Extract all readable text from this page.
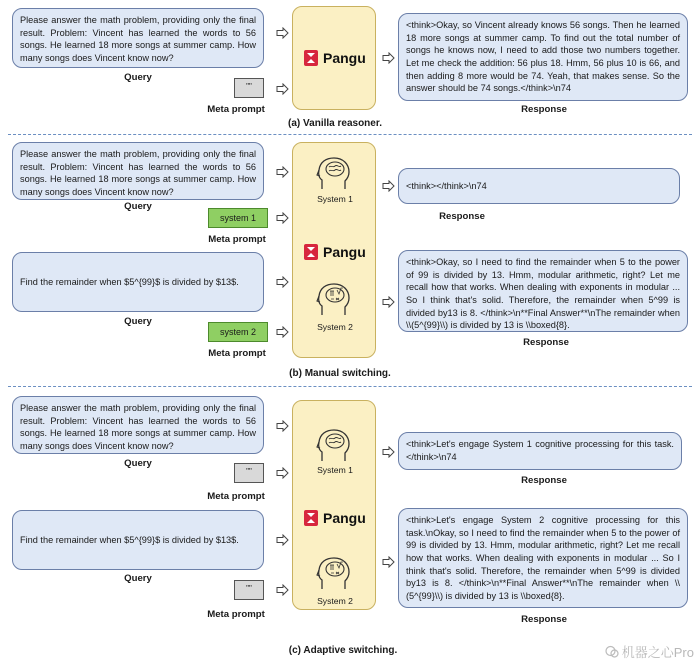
Please answer the math problem, providing only the final result. Problem: Vincent has learned the words to 56 songs. He learned 18 more songs at summer camp. How many songs does Vincent know now?
Query
""
Meta prompt
Pangu
<think>Okay, so Vincent already knows 56 songs. Then he learned 18 more songs at summer camp. To find out the total number of songs he knows now, I need to add those two numbers together. Let me check the addition: 56 plus 18. Hmm, 56 plus 10 is 66, and then adding 8 more would be 74. Yeah, that makes sense. So the answer should be 74 songs.</think>\n74
Response
(a) Vanilla reasoner.
Please answer the math problem, providing only the final result. Problem: Vincent has learned the words to 56 songs. He learned 18 more songs at summer camp. How many songs does Vincent know now?
Query
system 1
Meta prompt
Find the remainder when $5^{99}$ is divided by $13$.
Query
system 2
Meta prompt
System 1
Pangu
System 2
<think></think>\n74
Response
<think>Okay, so I need to find the remainder when 5 to the power of 99 is divided by 13. Hmm, modular arithmetic, right? Let me recall how that works. When dealing with exponents in modular ... So I think that's solid. Therefore, the remainder when 5^99 is divided by13 is 8. </think>\n**Final Answer**\nThe remainder when \\(5^{99}\\) is divided by 13 is \\boxed{8}.
Response
(b) Manual switching.
Please answer the math problem, providing only the final result. Problem: Vincent has learned the words to 56 songs. He learned 18 more songs at summer camp. How many songs does Vincent know now?
Query
""
Meta prompt
Find the remainder when $5^{99}$ is divided by $13$.
Query
""
Meta prompt
System 1
Pangu
System 2
<think>Let's engage System 1 cognitive processing for this task.</think>\n74
Response
<think>Let's engage System 2 cognitive processing for this task.\nOkay, so I need to find the remainder when 5 to the power of 99 is divided by 13. Hmm, modular arithmetic, right? Let me recall how that works. When dealing with exponents in modular ... So I think that's solid. Therefore, the remainder when 5^99 is divided by13 is 8. </think>\n**Final Answer**\nThe remainder when \\(5^{99}\\) is divided by 13 is \\boxed{8}.
Response
(c) Adaptive switching.	机器之心Pro
